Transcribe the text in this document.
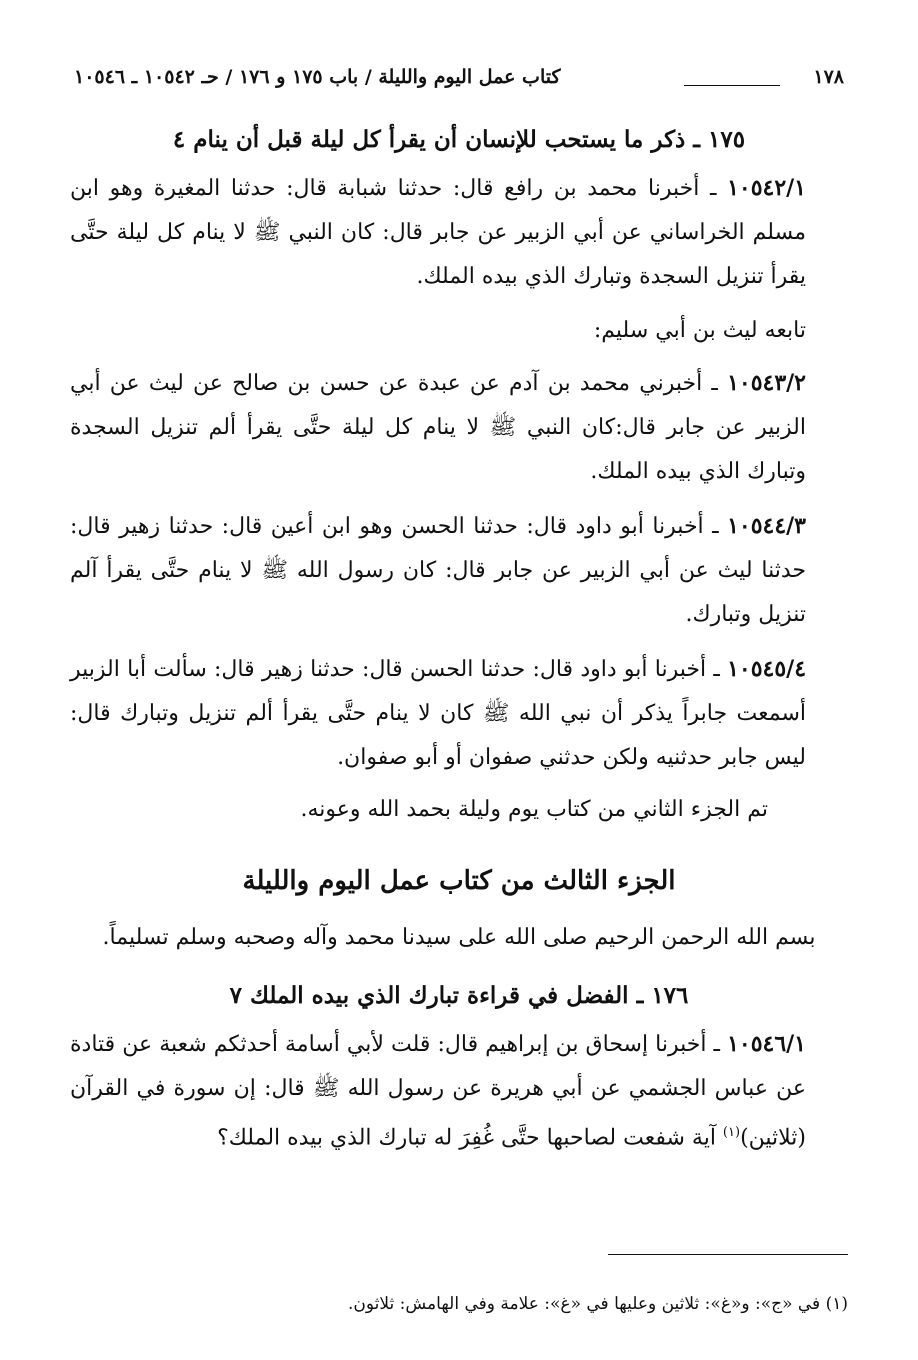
١٧٨
كتاب عمل اليوم والليلة / باب ١٧٥ و ١٧٦ / حـ ١٠٥٤٢ ـ ١٠٥٤٦
١٧٥ ـ ذكر ما يستحب للإنسان أن يقرأ كل ليلة قبل أن ينام ٤

١٠٥٤٢/١ ـ أخبرنا محمد بن رافع قال: حدثنا شبابة قال: حدثنا المغيرة وهو ابن مسلم الخراساني عن أبي الزبير عن جابر قال: كان النبي ﷺ لا ينام كل ليلة حتَّى يقرأ تنزيل السجدة وتبارك الذي بيده الملك.

تابعه ليث بن أبي سليم:

١٠٥٤٣/٢ ـ أخبرني محمد بن آدم عن عبدة عن حسن بن صالح عن ليث عن أبي الزبير عن جابر قال:كان النبي ﷺ لا ينام كل ليلة حتَّى يقرأ ألم تنزيل السجدة وتبارك الذي بيده الملك.

١٠٥٤٤/٣ ـ أخبرنا أبو داود قال: حدثنا الحسن وهو ابن أعين قال: حدثنا زهير قال: حدثنا ليث عن أبي الزبير عن جابر قال: كان رسول الله ﷺ لا ينام حتَّى يقرأ آلم تنزيل وتبارك.

١٠٥٤٥/٤ ـ أخبرنا أبو داود قال: حدثنا الحسن قال: حدثنا زهير قال: سألت أبا الزبير أسمعت جابراً يذكر أن نبي الله ﷺ كان لا ينام حتَّى يقرأ ألم تنزيل وتبارك قال: ليس جابر حدثنيه ولكن حدثني صفوان أو أبو صفوان.

تم الجزء الثاني من كتاب يوم وليلة بحمد الله وعونه.

الجزء الثالث من كتاب عمل اليوم والليلة

بسم الله الرحمن الرحيم صلى الله على سيدنا محمد وآله وصحبه وسلم تسليماً.

١٧٦ ـ الفضل في قراءة تبارك الذي بيده الملك ٧

١٠٥٤٦/١ ـ أخبرنا إسحاق بن إبراهيم قال: قلت لأبي أسامة أحدثكم شعبة عن قتادة عن عباس الجشمي عن أبي هريرة عن رسول الله ﷺ قال: إن سورة في القرآن (ثلاثين)$^{(١)}$ آية شفعت لصاحبها حتَّى غُفِرَ له تبارك الذي بيده الملك؟

(١) في «ج»: و«غ»: ثلاثين وعليها في «غ»: علامة وفي الهامش: ثلاثون.
